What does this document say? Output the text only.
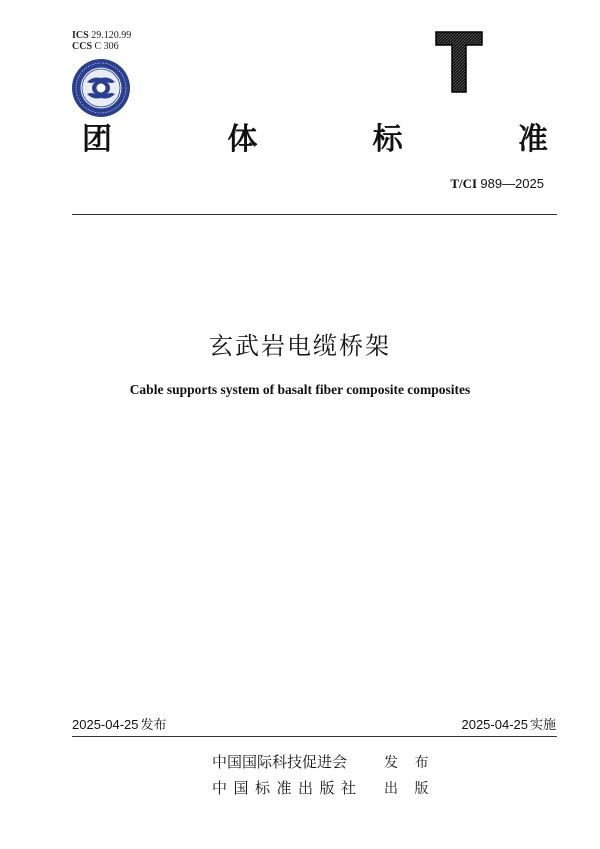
ICS 29.120.99
CCS C 306
团	体	标	准
T/CI 989—2025
玄武岩电缆桥架
Cable supports system of basalt fiber composite composites
2025-04-25 发布	2025-04-25 实施
中国国际科技促进会	发 布
中国标准出版社 出 版
